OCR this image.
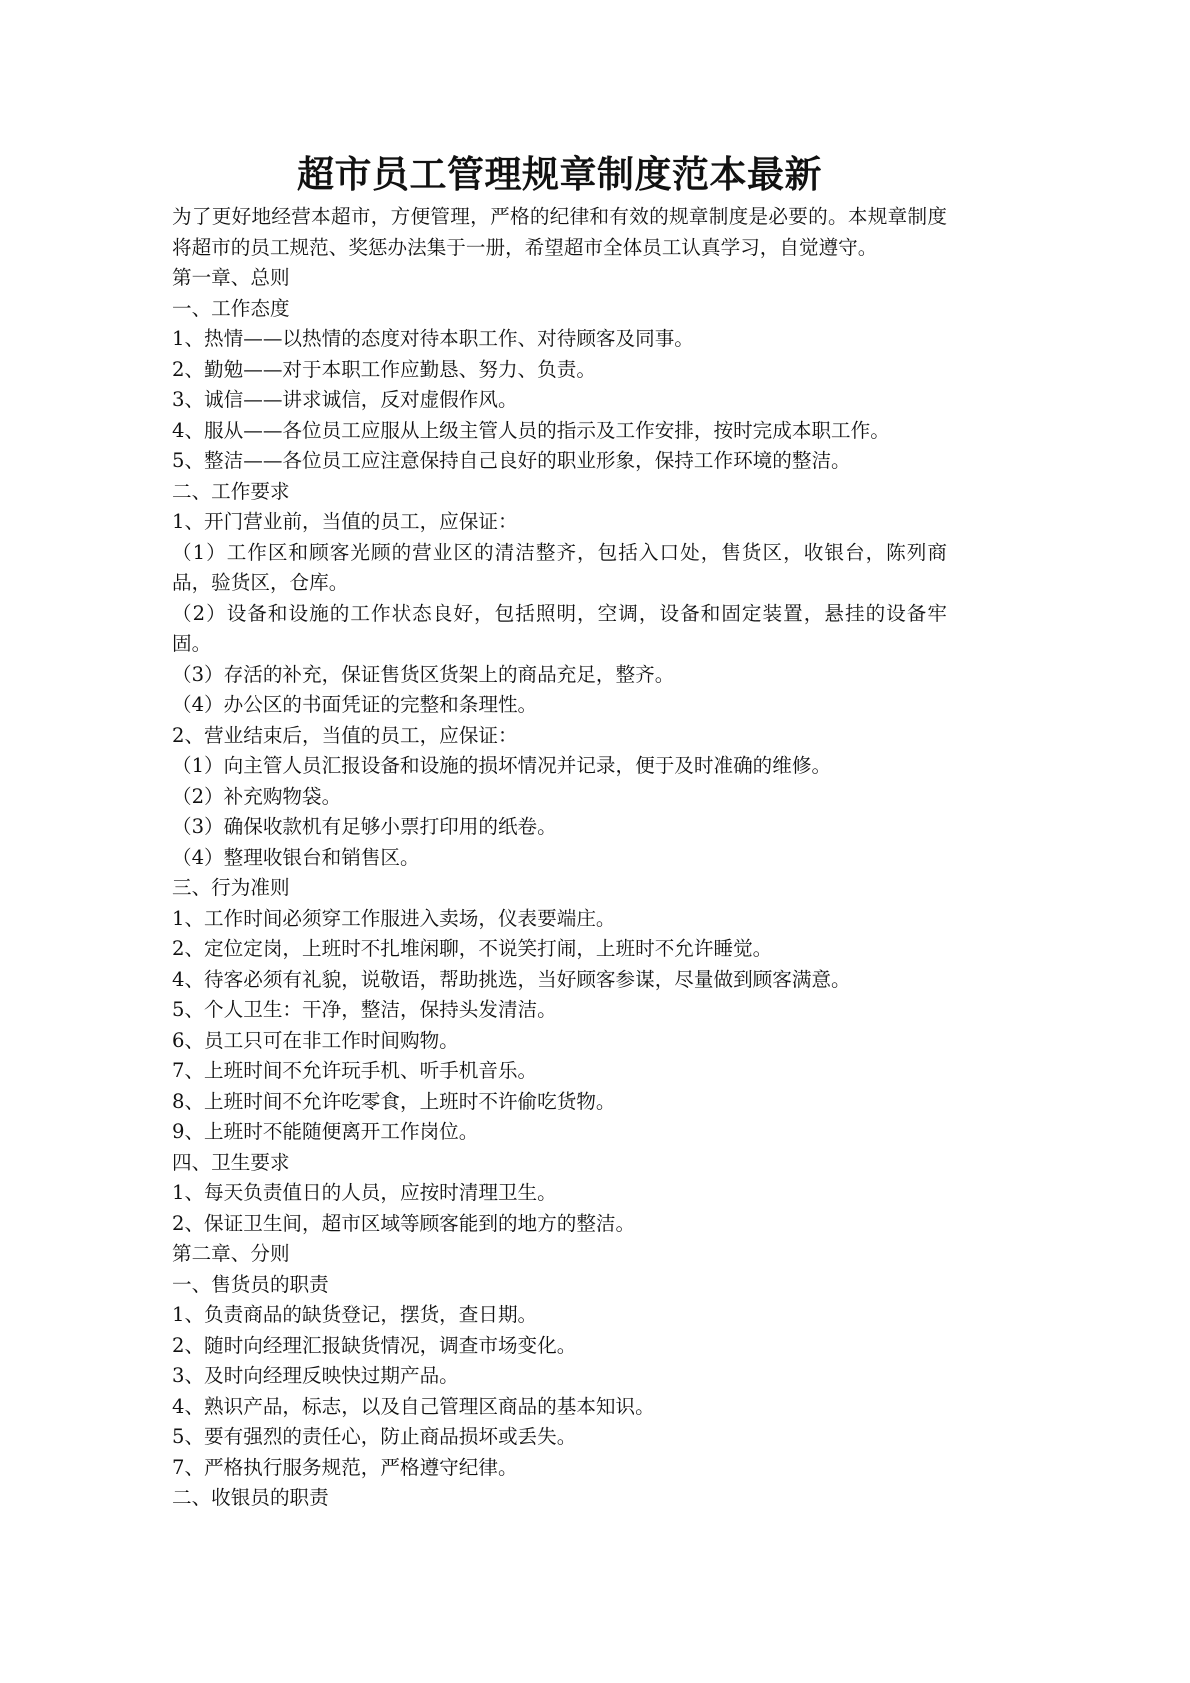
超市员工管理规章制度范本最新

为了更好地经营本超市，方便管理，严格的纪律和有效的规章制度是必要的。本规章制度将超市的员工规范、奖惩办法集于一册，希望超市全体员工认真学习，自觉遵守。

第一章、总则

一、工作态度

1、热情——以热情的态度对待本职工作、对待顾客及同事。

2、勤勉——对于本职工作应勤恳、努力、负责。

3、诚信——讲求诚信，反对虚假作风。

4、服从——各位员工应服从上级主管人员的指示及工作安排，按时完成本职工作。

5、整洁——各位员工应注意保持自己良好的职业形象，保持工作环境的整洁。

二、工作要求

1、开门营业前，当值的员工，应保证：

（1）工作区和顾客光顾的营业区的清洁整齐，包括入口处，售货区，收银台，陈列商品，验货区，仓库。

（2）设备和设施的工作状态良好，包括照明，空调，设备和固定装置，悬挂的设备牢固。

（3）存活的补充，保证售货区货架上的商品充足，整齐。

（4）办公区的书面凭证的完整和条理性。

2、营业结束后，当值的员工，应保证：

（1）向主管人员汇报设备和设施的损坏情况并记录，便于及时准确的维修。

（2）补充购物袋。

（3）确保收款机有足够小票打印用的纸卷。

（4）整理收银台和销售区。

三、行为准则

1、工作时间必须穿工作服进入卖场，仪表要端庄。

2、定位定岗，上班时不扎堆闲聊，不说笑打闹，上班时不允许睡觉。

4、待客必须有礼貌，说敬语，帮助挑选，当好顾客参谋，尽量做到顾客满意。

5、个人卫生：干净，整洁，保持头发清洁。

6、员工只可在非工作时间购物。

7、上班时间不允许玩手机、听手机音乐。

8、上班时间不允许吃零食，上班时不许偷吃货物。

9、上班时不能随便离开工作岗位。

四、卫生要求

1、每天负责值日的人员，应按时清理卫生。

2、保证卫生间，超市区域等顾客能到的地方的整洁。

第二章、分则

一、售货员的职责

1、负责商品的缺货登记，摆货，查日期。

2、随时向经理汇报缺货情况，调查市场变化。

3、及时向经理反映快过期产品。

4、熟识产品，标志，以及自己管理区商品的基本知识。

5、要有强烈的责任心，防止商品损坏或丢失。

7、严格执行服务规范，严格遵守纪律。

二、收银员的职责
